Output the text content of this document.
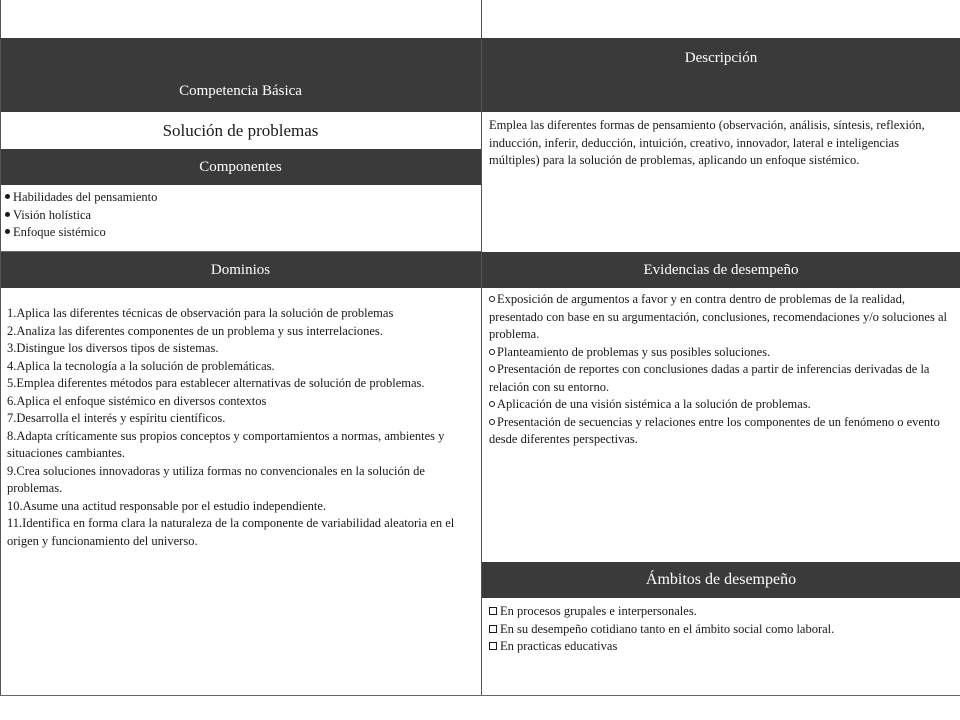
Competencia Básica
Descripción
Solución de problemas	Emplea las diferentes formas de pensamiento (observación, análisis, síntesis, reflexión, inducción, inferir, deducción, intuición, creativo, innovador, lateral e inteligencias múltiples) para la solución de problemas, aplicando un enfoque sistémico.
Componentes
Habilidades del pensamiento
Visión holística
Enfoque sistémico
Dominios	Evidencias de desempeño
1.Aplica las diferentes técnicas de observación para la solución de problemas
2.Analiza las diferentes componentes de un problema y sus interrelaciones.
3.Distingue los diversos tipos de sistemas.
4.Aplica la tecnología a la solución de problemáticas.
5.Emplea diferentes métodos para establecer alternativas de solución de problemas.
6.Aplica el enfoque sistémico en diversos contextos
7.Desarrolla el interés y espíritu científicos.
8.Adapta críticamente sus propios conceptos y comportamientos a normas, ambientes y situaciones cambiantes.
9.Crea soluciones innovadoras y utiliza formas no convencionales en la solución de problemas.
10.Asume una actitud responsable por el estudio independiente.
11.Identifica en forma clara la naturaleza de la componente de variabilidad aleatoria en el origen y funcionamiento del universo.
Exposición de argumentos a favor y en contra dentro de problemas de la realidad, presentado con base en su argumentación, conclusiones, recomendaciones y/o soluciones al problema.
Planteamiento de problemas y sus posibles soluciones.
Presentación de reportes con conclusiones dadas a partir de inferencias derivadas de la relación con su entorno.
Aplicación de una visión sistémica a la solución de problemas.
Presentación de secuencias y relaciones entre los componentes de un fenómeno o evento desde diferentes perspectivas.
Ámbitos de desempeño
En procesos grupales e interpersonales.
En su desempeño cotidiano tanto en el ámbito social como laboral.
En practicas educativas
